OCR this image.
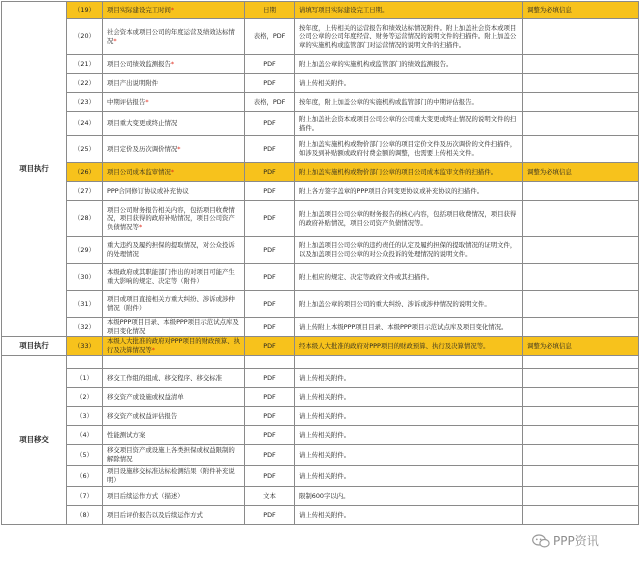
项目执行	（19）	项目实际建设完工时间*	日期	请填写项目实际建设完工日期。	调整为必填信息
	（20）	社会资本或项目公司的年度运营及绩效达标情况*	表格，PDF	按年度，上传相关的运营报告和绩效达标情况附件。附上加盖社会资本或项目公司公章的公司年度经营、财务等运营情况的说明文件的扫描件。附上加盖公章的实施机构或监管部门对运营情况的说明文件的扫描件。	
	（21）	项目公司绩效监测报告*	PDF	附上加盖公章的实施机构或监管部门的绩效监测报告。	
	（22）	项目产出说明附件	PDF	请上传相关附件。	
	（23）	中期评估报告*	表格，PDF	按年度，附上加盖公章的实施机构或监管部门的中期评估报告。	
	（24）	项目重大变更或终止情况	PDF	附上加盖社会资本或项目公司公章的公司重大变更或终止情况的说明文件的扫描件。	
	（25）	项目定价及历次调价情况*	PDF	附上加盖实施机构或物价部门公章的项目定价文件及历次调价的文件扫描件，如涉及到补贴额或政府付费金额的调整，也需要上传相关文件。	
	（26）	项目公司成本监审情况*	PDF	附上加盖实施机构或物价部门公章的项目公司成本监审文件的扫描件。	调整为必填信息
	（27）	PPP合同修订协议或补充协议	PDF	附上各方签字盖章的PPP项目合同变更协议或补充协议的扫描件。	
	（28）	项目公司财务报告相关内容，包括项目收费情况，项目获得的政府补贴情况，项目公司资产负债情况等*	PDF	附上加盖项目公司公章的财务报告的核心内容，包括项目收费情况，项目获得的政府补贴情况，项目公司资产负债情况等。	
	（29）	重大违约及履约担保的提取情况，对公众投诉的处理情况	PDF	附上加盖项目公司公章的违约责任的认定及履约担保的提取情况的证明文件，以及加盖项目公司公章的对公众投诉的处理情况的说明文件。	
	（30）	本级政府或其职能部门作出的对项目可能产生重大影响的规定、决定等（附件）	PDF	附上相应的规定、决定等政府文件或其扫描件。	
	（31）	项目或项目直接相关方重大纠纷、涉诉或涉仲情况（附件）	PDF	附上加盖公章的项目公司的重大纠纷、涉诉或涉仲情况的说明文件。	
	（32）	本级PPP项目目录、本级PPP项目示范试点库及项目变化情况	PDF	请上传附上本级PPP项目目录、本级PPP项目示范试点库及项目变化情况。	
项目执行	（33）	本级人大批准的政府对PPP项目的财政预算、执行及决算情况等*	PDF	经本级人大批准的政府对PPP项目的财政预算、执行及决算情况等。	调整为必填信息
项目移交					
	（1）	移交工作组的组成、移交程序、移交标准	PDF	请上传相关附件。	
	（2）	移交资产或设施或权益清单	PDF	请上传相关附件。	
	（3）	移交资产或权益评估报告	PDF	请上传相关附件。	
	（4）	性能测试方案	PDF	请上传相关附件。	
	（5）	移交项目资产或设施上各类担保或权益限制的解除情况	PDF	请上传相关附件。	
	（6）	项目设施移交标准达标检测结果（附件补充说明）	PDF	请上传相关附件。	
	（7）	项目后续运作方式（描述）	文本	限制600字以内。	
	（8）	项目后评价报告以及后续运作方式	PDF	请上传相关附件。	
PPP资讯
